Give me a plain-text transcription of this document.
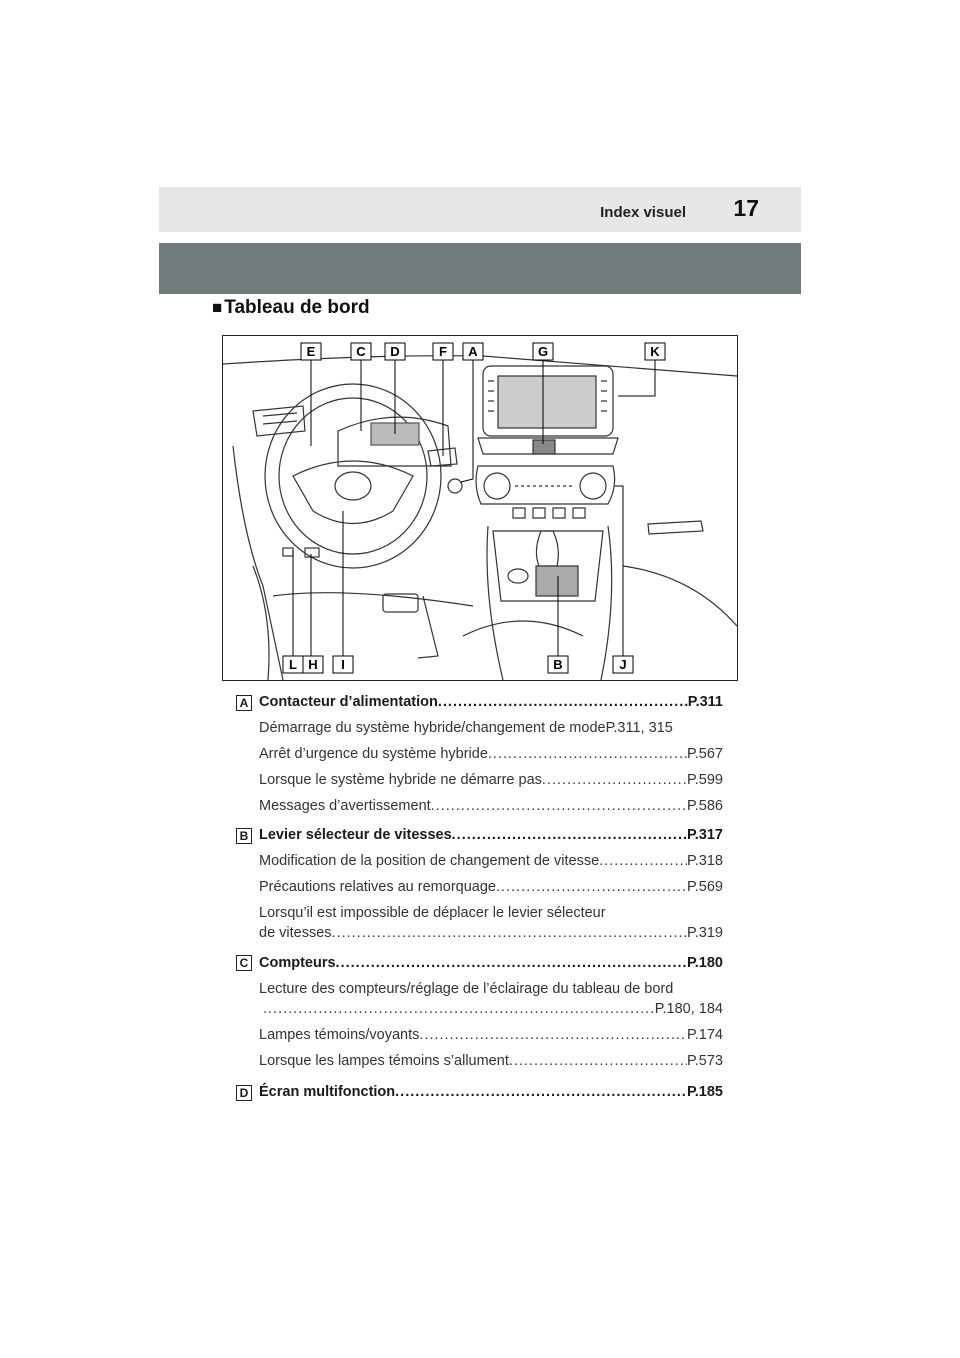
Index visuel 17
■ Tableau de bord
E	C D	F A	G	K
L H I	B	J
A Contacteur d’alimentation .....	P.311
Démarrage du système hybride/changement de mode P.311, 315
Arrêt d’urgence du système hybride .....	P.567
Lorsque le système hybride ne démarre pas .....	P.599
Messages d’avertissement .....	P.586
B Levier sélecteur de vitesses .....	P.317
Modification de la position de changement de vitesse .....	P.318
Précautions relatives au remorquage .....	P.569
Lorsqu’il est impossible de déplacer le levier sélecteur
de vitesses .....	P.319
C Compteurs .....	P.180
Lecture des compteurs/réglage de l’éclairage du tableau de bord
.....
P.180, 184
Lampes témoins/voyants .....	P.174
Lorsque les lampes témoins s’allument .....	P.573
D Écran multifonction .....	P.185
